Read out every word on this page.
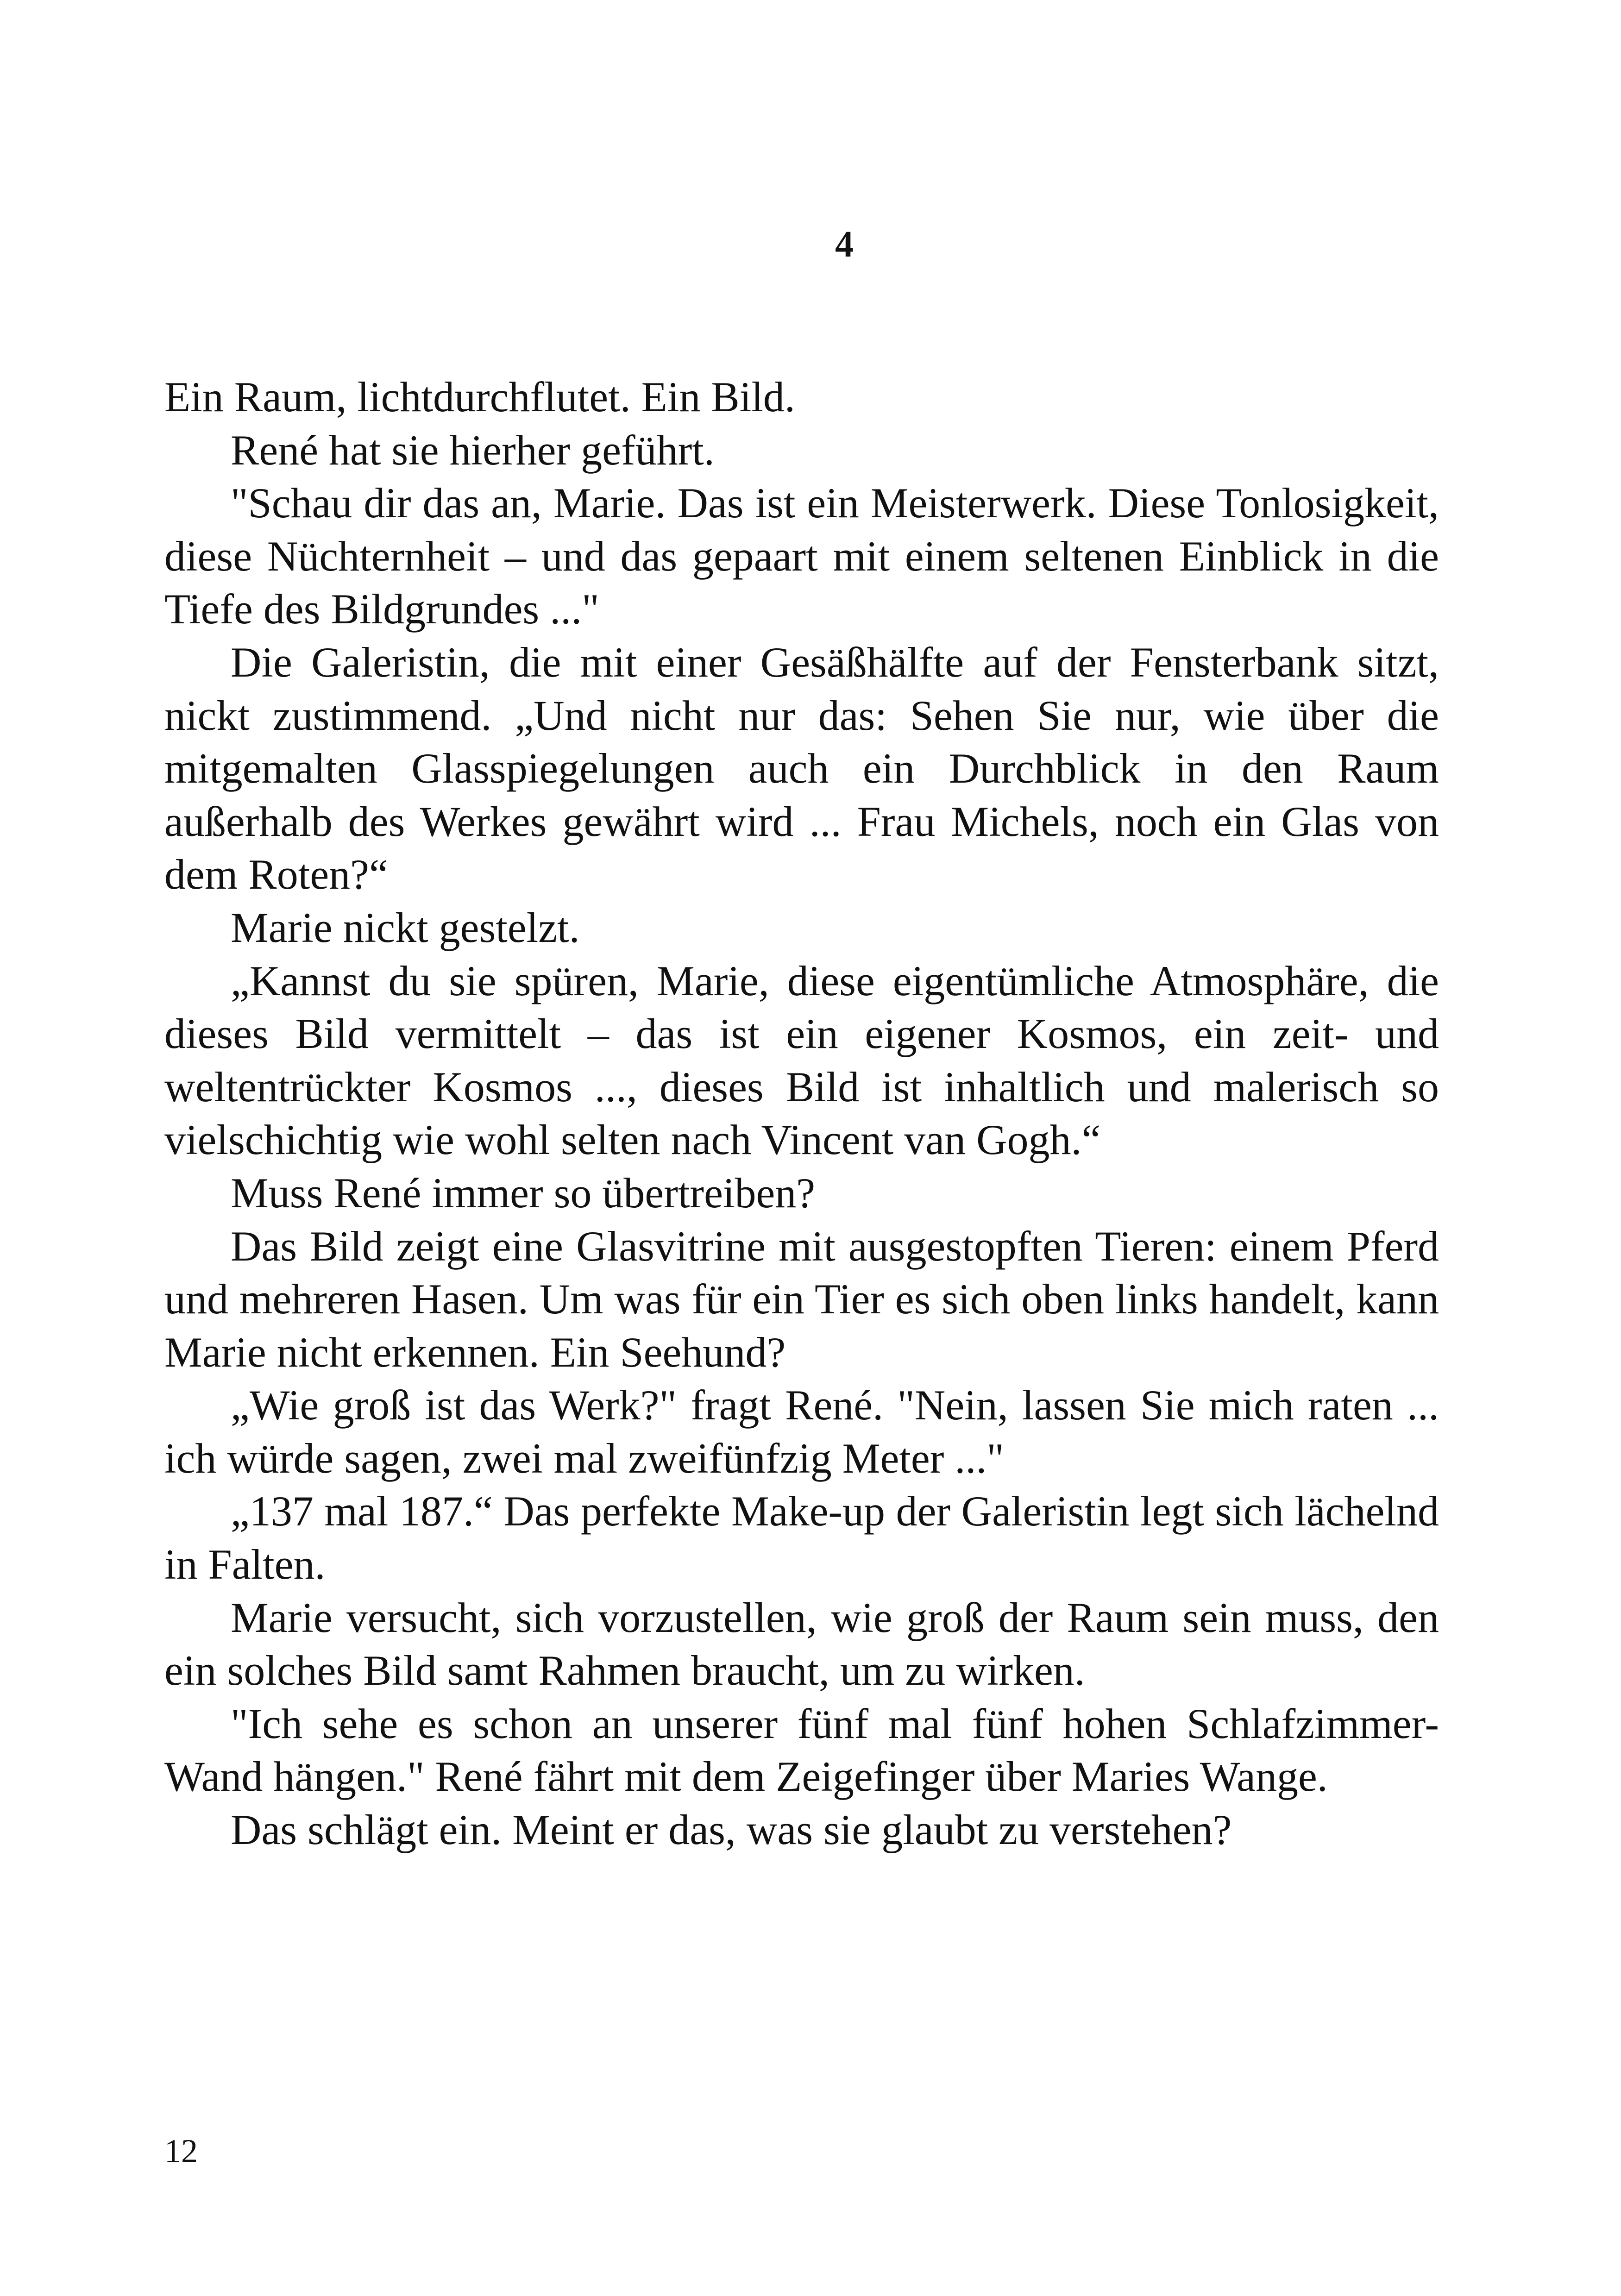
4

Ein Raum, lichtdurchflutet. Ein Bild.

René hat sie hierher geführt.

"Schau dir das an, Marie. Das ist ein Meisterwerk. Diese Tonlosigkeit, diese Nüchternheit – und das gepaart mit einem seltenen Einblick in die Tiefe des Bildgrundes ..."

Die Galeristin, die mit einer Gesäßhälfte auf der Fensterbank sitzt, nickt zustimmend. „Und nicht nur das: Sehen Sie nur, wie über die mitgemalten Glasspiegelungen auch ein Durchblick in den Raum außerhalb des Werkes gewährt wird ... Frau Michels, noch ein Glas von dem Roten?“

Marie nickt gestelzt.

„Kannst du sie spüren, Marie, diese eigentümliche Atmosphäre, die dieses Bild vermittelt – das ist ein eigener Kosmos, ein zeit- und weltentrückter Kosmos ..., dieses Bild ist inhaltlich und malerisch so vielschichtig wie wohl selten nach Vincent van Gogh.“

Muss René immer so übertreiben?

Das Bild zeigt eine Glasvitrine mit ausgestopften Tieren: einem Pferd und mehreren Hasen. Um was für ein Tier es sich oben links handelt, kann Marie nicht erkennen. Ein Seehund?

„Wie groß ist das Werk?" fragt René. "Nein, lassen Sie mich raten ... ich würde sagen, zwei mal zweifünfzig Meter ..."

„137 mal 187.“ Das perfekte Make-up der Galeristin legt sich lächelnd in Falten.

Marie versucht, sich vorzustellen, wie groß der Raum sein muss, den ein solches Bild samt Rahmen braucht, um zu wirken.

"Ich sehe es schon an unserer fünf mal fünf hohen Schlafzimmer-Wand hängen." René fährt mit dem Zeigefinger über Maries Wange.

Das schlägt ein. Meint er das, was sie glaubt zu verstehen?

12
